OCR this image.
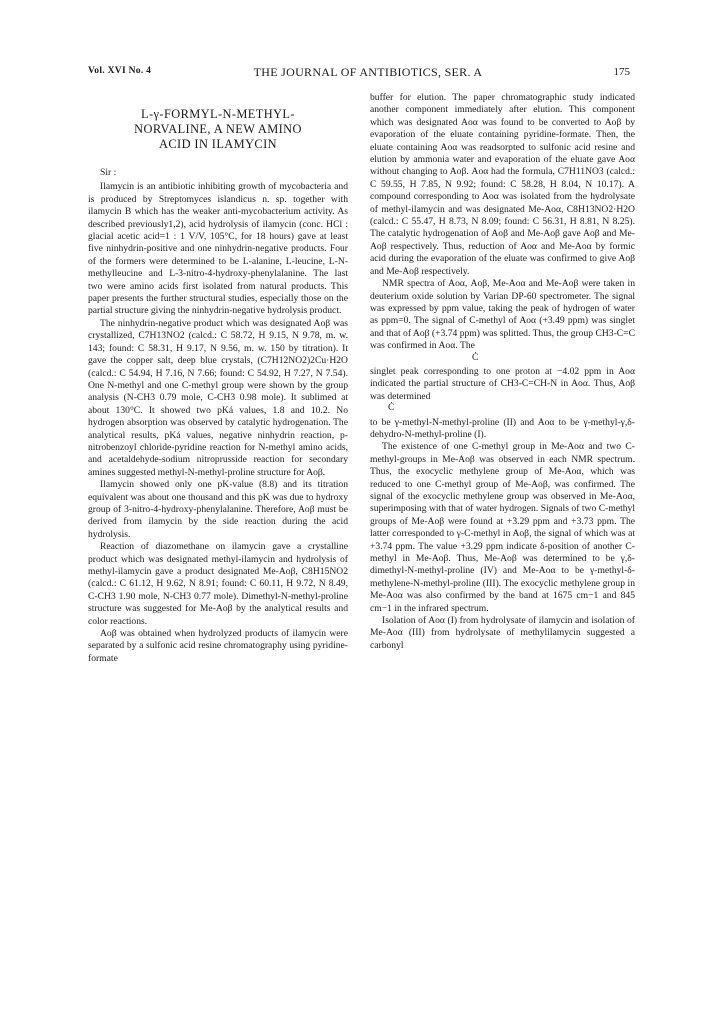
Vol. XVI No. 4	THE JOURNAL OF ANTIBIOTICS, SER. A	175
L-γ-FORMYL-N-METHYL-
NORVALINE, A NEW AMINO
ACID IN ILAMYCIN

Sir :

Ilamycin is an antibiotic inhibiting growth of mycobacteria and is produced by Streptomyces islandicus n. sp. together with ilamycin B which has the weaker anti-mycobacterium activity. As described previously1,2), acid hydrolysis of ilamycin (conc. HCl : glacial acetic acid=1 : 1 V/V, 105°C, for 18 hours) gave at least five ninhydrin-positive and one ninhydrin-negative products. Four of the formers were determined to be L-alanine, L-leucine, L-N-methylleucine and L-3-nitro-4-hydroxy-phenylalanine. The last two were amino acids first isolated from natural products. This paper presents the further structural studies, especially those on the partial structure giving the ninhydrin-negative hydrolysis product.

The ninhydrin-negative product which was designated Aoβ was crystallized, C7H13NO2 (calcd.: C 58.72, H 9.15, N 9.78, m. w. 143; found: C 58.31, H 9.17, N 9.56, m. w. 150 by titration). It gave the copper salt, deep blue crystals, (C7H12NO2)2Cu·H2O (calcd.: C 54.94, H 7.16, N 7.66; found: C 54.92, H 7.27, N 7.54). One N-methyl and one C-methyl group were shown by the group analysis (N-CH3 0.79 mole, C-CH3 0.98 mole). It sublimed at about 130°C. It showed two pKá values, 1.8 and 10.2. No hydrogen absorption was observed by catalytic hydrogenation. The analytical results, pKá values, negative ninhydrin reaction, p-nitrobenzoyl chloride-pyridine reaction for N-methyl amino acids, and acetaldehyde-sodium nitroprusside reaction for secondary amines suggested methyl-N-methyl-proline structure for Aoβ.

Ilamycin showed only one pK-value (8.8) and its titration equivalent was about one thousand and this pK was due to hydroxy group of 3-nitro-4-hydroxy-phenylalanine. Therefore, Aoβ must be derived from ilamycin by the side reaction during the acid hydrolysis.

Reaction of diazomethane on ilamycin gave a crystalline product which was designated methyl-ilamycin and hydrolysis of methyl-ilamycin gave a product designated Me-Aoβ, C8H15NO2 (calcd.: C 61.12, H 9.62, N 8.91; found: C 60.11, H 9.72, N 8.49, C-CH3 1.90 mole, N-CH3 0.77 mole). Dimethyl-N-methyl-proline structure was suggested for Me-Aoβ by the analytical results and color reactions.

Aoβ was obtained when hydrolyzed products of ilamycin were separated by a sulfonic acid resine chromatography using pyridine-formate

buffer for elution. The paper chromatographic study indicated another component immediately after elution. This component which was designated Aoα was found to be converted to Aoβ by evaporation of the eluate containing pyridine-formate. Then, the eluate containing Aoα was readsorpted to sulfonic acid resine and elution by ammonia water and evaporation of the eluate gave Aoα without changing to Aoβ. Aoα had the formula, C7H11NO3 (calcd.: C 59.55, H 7.85, N 9.92; found: C 58.28, H 8.04, N 10.17). A compound corresponding to Aoα was isolated from the hydrolysate of methyl-ilamycin and was designated Me-Aoα, C8H13NO2·H2O (calcd.: C 55.47, H 8.73, N 8.09; found: C 56.31, H 8.81, N 8.25). The catalytic hydrogenation of Aoβ and Me-Aoβ gave Aoβ and Me-Aoβ respectively. Thus, reduction of Aoα and Me-Aoα by formic acid during the evaporation of the eluate was confirmed to give Aoβ and Me-Aoβ respectively.

NMR spectra of Aoα, Aoβ, Me-Aoα and Me-Aoβ were taken in deuterium oxide solution by Varian DP-60 spectrometer. The signal was expressed by ppm value, taking the peak of hydrogen of water as ppm=0. The signal of C-methyl of Aoα (+3.49 ppm) was singlet and that of Aoβ (+3.74 ppm) was splitted. Thus, the group CH3-C=C was confirmed in Aoα. The

Ċ

singlet peak corresponding to one proton at −4.02 ppm in Aoα indicated the partial structure of CH3-C=CH-N in Aoα. Thus, Aoβ was determined

Ċ

to be γ-methyl-N-methyl-proline (II) and Aoα to be γ-methyl-γ,δ-dehydro-N-methyl-proline (I).

The existence of one C-methyl group in Me-Aoα and two C-methyl-groups in Me-Aoβ was observed in each NMR spectrum. Thus, the exocyclic methylene group of Me-Aoα, which was reduced to one C-methyl group of Me-Aoβ, was confirmed. The signal of the exocyclic methylene group was observed in Me-Aoα, superimposing with that of water hydrogen. Signals of two C-methyl groups of Me-Aoβ were found at +3.29 ppm and +3.73 ppm. The latter corresponded to γ-C-methyl in Aoβ, the signal of which was at +3.74 ppm. The value +3.29 ppm indicate δ-position of another C-methyl in Me-Aoβ. Thus, Me-Aoβ was determined to be γ,δ-dimethyl-N-methyl-proline (IV) and Me-Aoα to be γ-methyl-δ-methylene-N-methyl-proline (III). The exocyclic methylene group in Me-Aoα was also confirmed by the band at 1675 cm−1 and 845 cm−1 in the infrared spectrum.

Isolation of Aoα (I) from hydrolysate of ilamycin and isolation of Me-Aoα (III) from hydrolysate of methylilamycin suggested a carbonyl
